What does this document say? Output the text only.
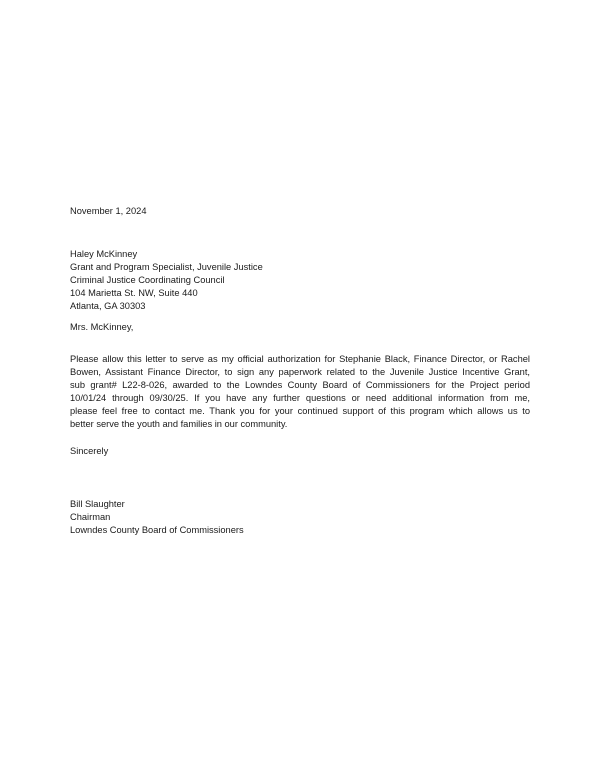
November 1, 2024
Haley McKinney
Grant and Program Specialist, Juvenile Justice
Criminal Justice Coordinating Council
104 Marietta St. NW, Suite 440
Atlanta, GA 30303
Mrs. McKinney,
Please allow this letter to serve as my official authorization for Stephanie Black, Finance Director, or Rachel
Bowen, Assistant Finance Director, to sign any paperwork related to the Juvenile Justice Incentive Grant,
sub grant# L22-8-026, awarded to the Lowndes County Board of Commissioners for the Project period
10/01/24 through 09/30/25. If you have any further questions or need additional information from me,
please feel free to contact me. Thank you for your continued support of this program which allows us to
better serve the youth and families in our community.
Sincerely
Bill Slaughter
Chairman
Lowndes County Board of Commissioners
